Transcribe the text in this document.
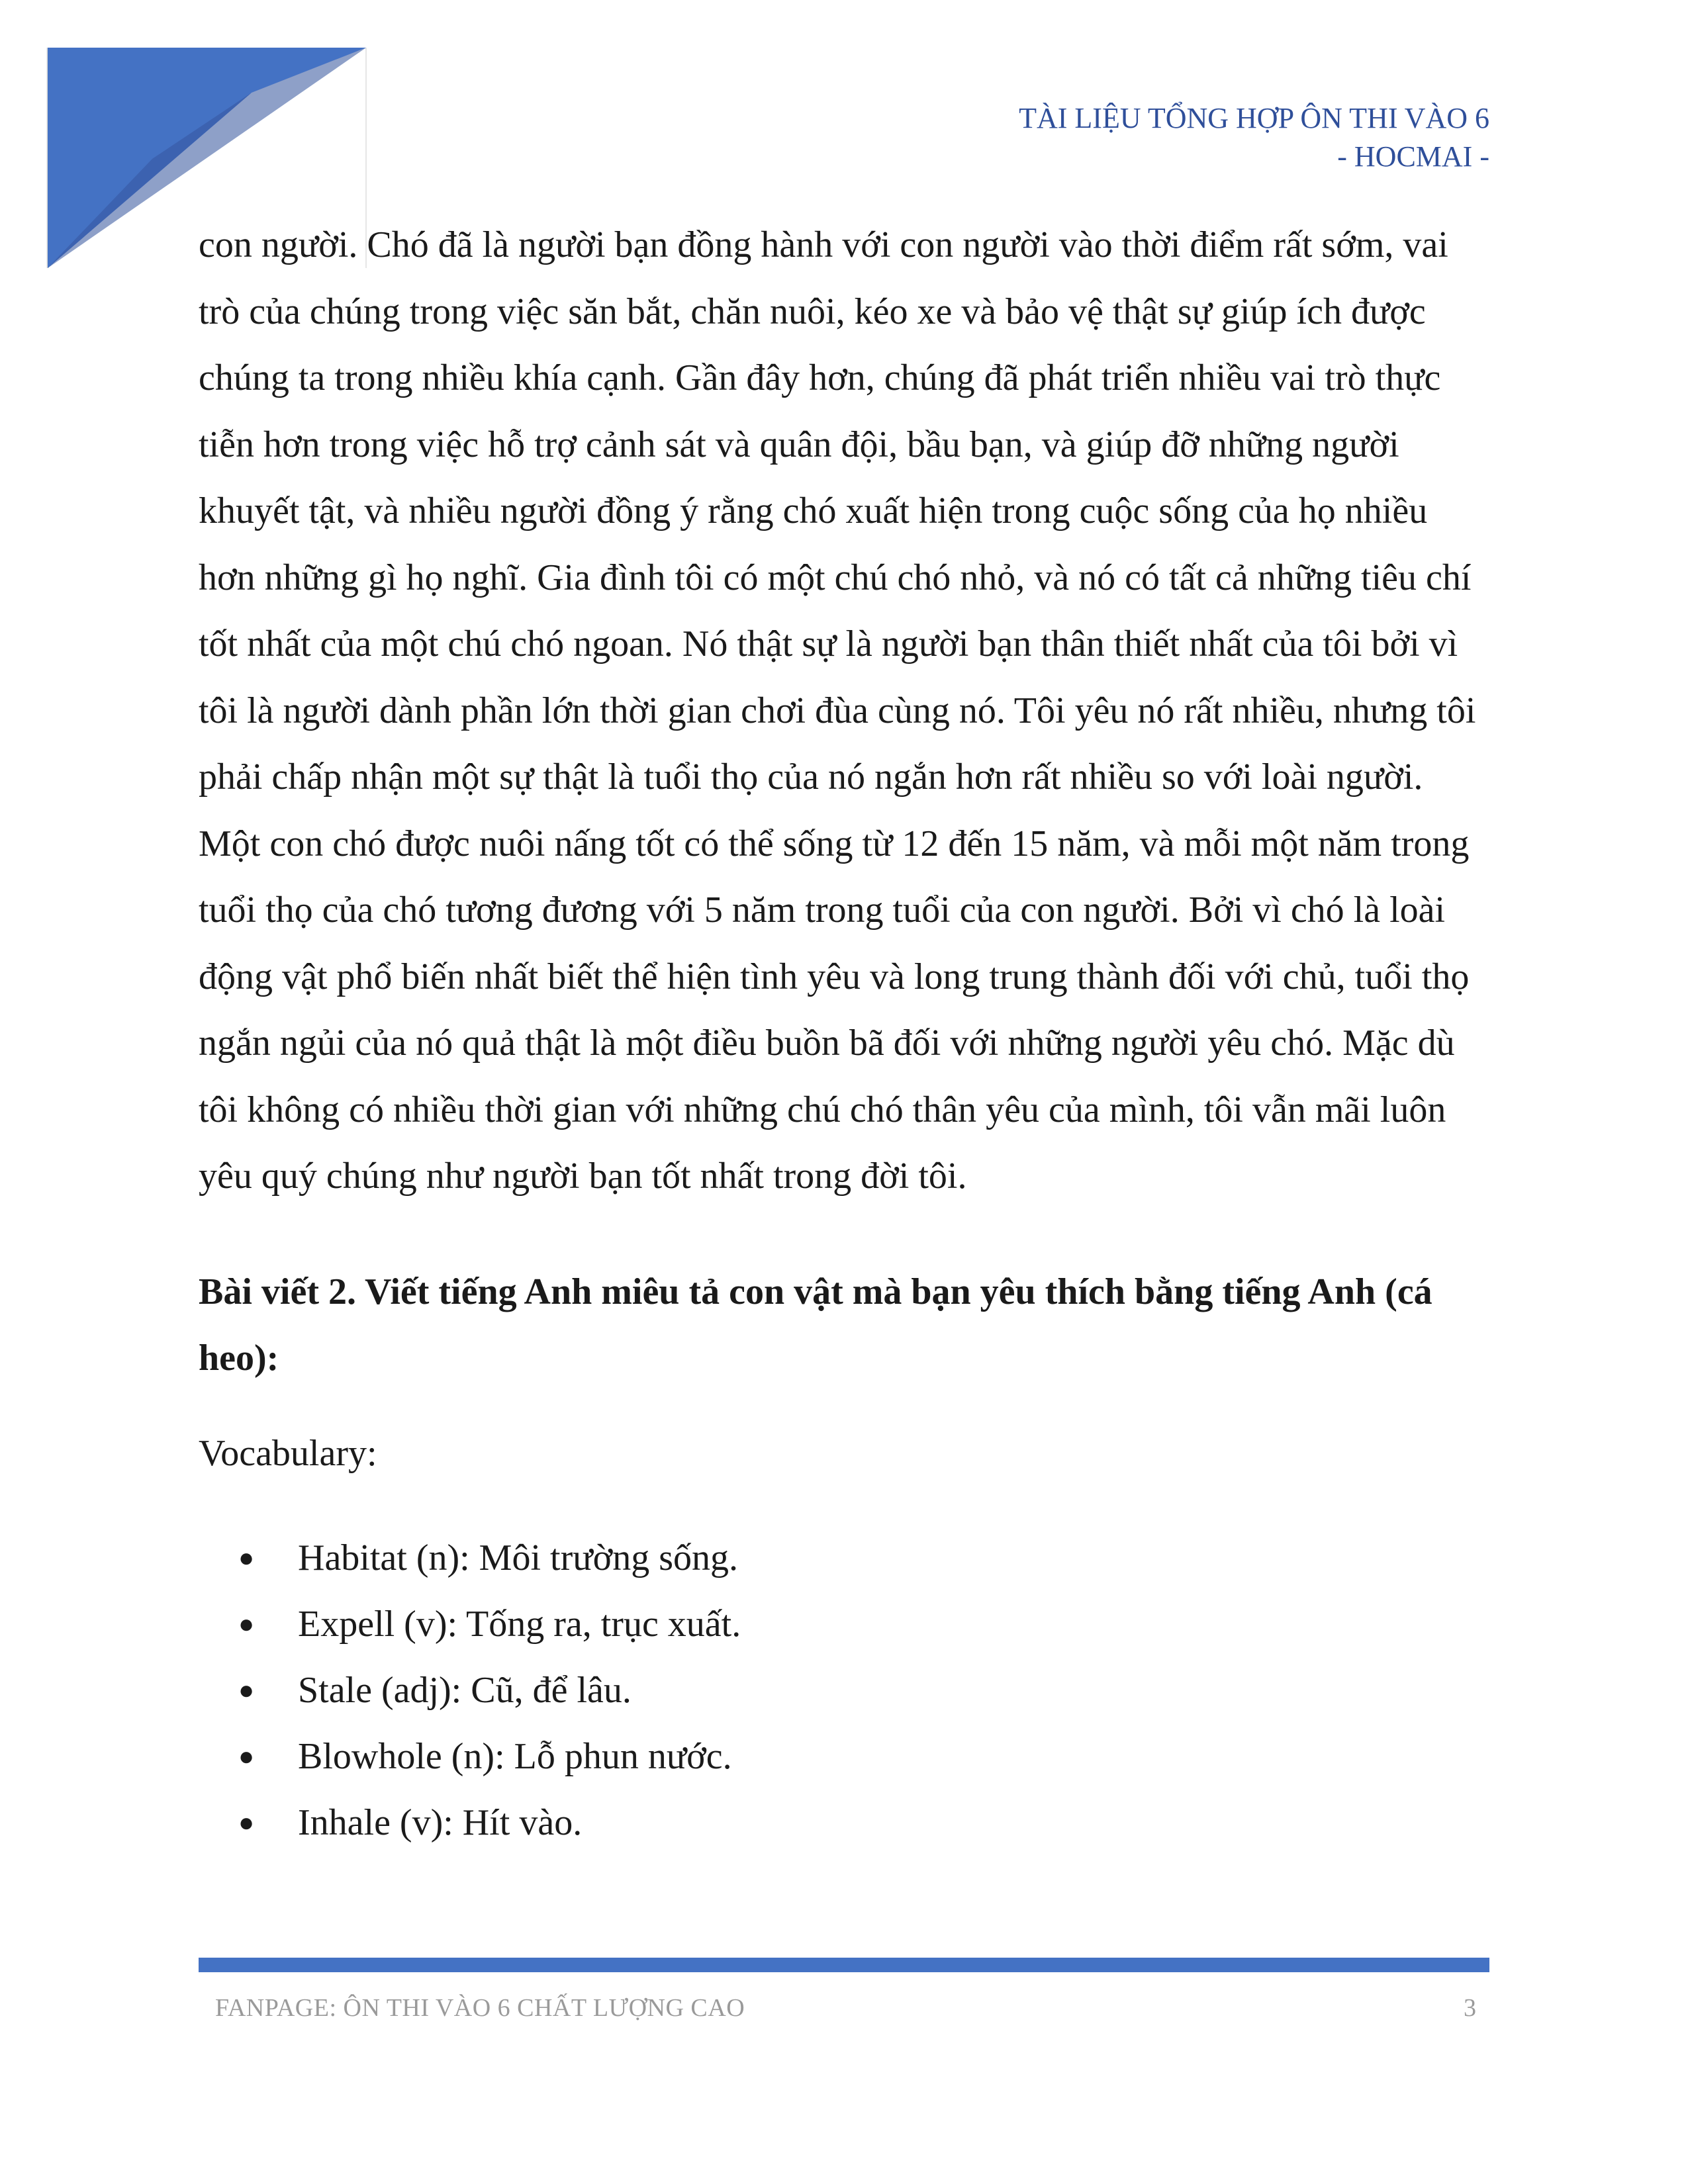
TÀI LIỆU TỔNG HỢP ÔN THI VÀO 6
- HOCMAI -

con người. Chó đã là người bạn đồng hành với con người vào thời điểm rất sớm, vai trò của chúng trong việc săn bắt, chăn nuôi, kéo xe và bảo vệ thật sự giúp ích được chúng ta trong nhiều khía cạnh. Gần đây hơn, chúng đã phát triển nhiều vai trò thực tiễn hơn trong việc hỗ trợ cảnh sát và quân đội, bầu bạn, và giúp đỡ những người khuyết tật, và nhiều người đồng ý rằng chó xuất hiện trong cuộc sống của họ nhiều hơn những gì họ nghĩ. Gia đình tôi có một chú chó nhỏ, và nó có tất cả những tiêu chí tốt nhất của một chú chó ngoan. Nó thật sự là người bạn thân thiết nhất của tôi bởi vì tôi là người dành phần lớn thời gian chơi đùa cùng nó. Tôi yêu nó rất nhiều, nhưng tôi phải chấp nhận một sự thật là tuổi thọ của nó ngắn hơn rất nhiều so với loài người. Một con chó được nuôi nấng tốt có thể sống từ 12 đến 15 năm, và mỗi một năm trong tuổi thọ của chó tương đương với 5 năm trong tuổi của con người. Bởi vì chó là loài động vật phổ biến nhất biết thể hiện tình yêu và long trung thành đối với chủ, tuổi thọ ngắn ngủi của nó quả thật là một điều buồn bã đối với những người yêu chó. Mặc dù tôi không có nhiều thời gian với những chú chó thân yêu của mình, tôi vẫn mãi luôn yêu quý chúng như người bạn tốt nhất trong đời tôi.

Bài viết 2. Viết tiếng Anh miêu tả con vật mà bạn yêu thích bằng tiếng Anh (cá heo):
Vocabulary:
● Habitat (n): Môi trường sống.
● Expell (v): Tống ra, trục xuất.
● Stale (adj): Cũ, để lâu.
● Blowhole (n): Lỗ phun nước.
● Inhale (v): Hít vào.
FANPAGE: ÔN THI VÀO 6 CHẤT LƯỢNG CAO	3
